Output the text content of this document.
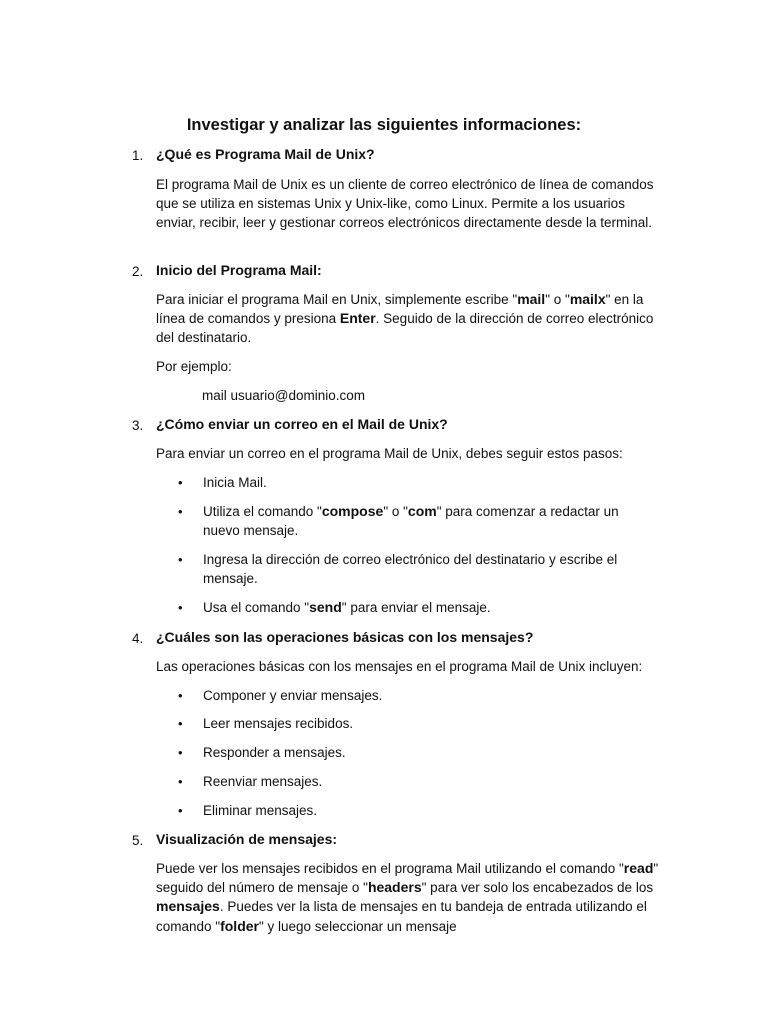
Investigar y analizar las siguientes informaciones:
1. ¿Qué es Programa Mail de Unix?

El programa Mail de Unix es un cliente de correo electrónico de línea de comandos que se utiliza en sistemas Unix y Unix-like, como Linux. Permite a los usuarios enviar, recibir, leer y gestionar correos electrónicos directamente desde la terminal.

2. Inicio del Programa Mail:

Para iniciar el programa Mail en Unix, simplemente escribe "mail" o "mailx" en la línea de comandos y presiona Enter. Seguido de la dirección de correo electrónico del destinatario.

Por ejemplo:

mail usuario@dominio.com
3. ¿Cómo enviar un correo en el Mail de Unix?

Para enviar un correo en el programa Mail de Unix, debes seguir estos pasos:

• Inicia Mail.

• Utiliza el comando "compose" o "com" para comenzar a redactar un nuevo mensaje.

• Ingresa la dirección de correo electrónico del destinatario y escribe el mensaje.

• Usa el comando "send" para enviar el mensaje.

4. ¿Cuáles son las operaciones básicas con los mensajes?

Las operaciones básicas con los mensajes en el programa Mail de Unix incluyen:

• Componer y enviar mensajes.

• Leer mensajes recibidos.

• Responder a mensajes.

• Reenviar mensajes.

• Eliminar mensajes.

5. Visualización de mensajes:

Puede ver los mensajes recibidos en el programa Mail utilizando el comando "read" seguido del número de mensaje o "headers" para ver solo los encabezados de los mensajes. Puedes ver la lista de mensajes en tu bandeja de entrada utilizando el comando "folder" y luego seleccionar un mensaje
